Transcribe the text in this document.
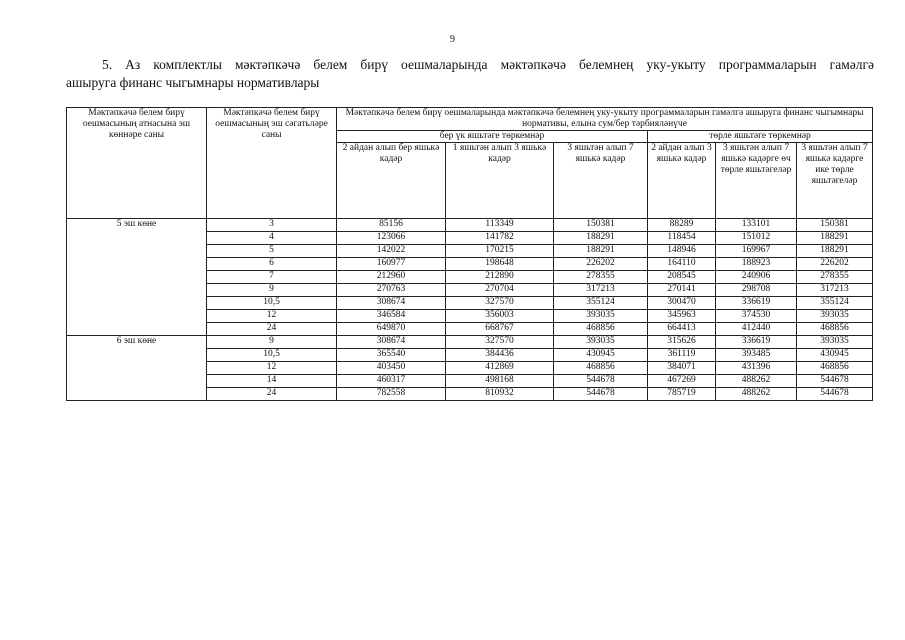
9
5. Аз комплектлы мәктәпкәчә белем бирү оешмаларында мәктәпкәчә белемнең уку-укыту программаларын гамәлгә
ашыруга финанс чыгымнары нормативлары
Мәктәпкәчә белем бирү оешмасының атнасына эш көннәре саны	Мәктәпкәчә белем бирү оешмасының эш сәгатьләре саны	Мәктәпкәчә белем бирү оешмаларында мәктәпкәчә белемнең уку-укыту программаларын гамәлгә ашыруга финанс чыгымнары нормативы, елына сум/бер тәрбияләнүче					
		бер үк яшьтәге төркемнәр			төрле яшьтәге төркемнәр		
		2 айдан алып бер яшькә кадәр	1 яшьтән алып 3 яшькә кадәр	3 яшьтән алып 7 яшькә кадәр	2 айдан алып 3 яшькә кадәр	3 яшьтән алып 7 яшькә кадәрге өч төрле яшьтәгеләр	3 яшьтән алып 7 яшькә кадәрге ике төрле яшьтәгеләр
5 эш көне	3	85156	113349	150381	88289	133101	150381
	4	123066	141782	188291	118454	151012	188291
	5	142022	170215	188291	148946	169967	188291
	6	160977	198648	226202	164110	188923	226202
	7	212960	212890	278355	208545	240906	278355
	9	270763	270704	317213	270141	298708	317213
	10,5	308674	327570	355124	300470	336619	355124
	12	346584	356003	393035	345963	374530	393035
	24	649870	668767	468856	664413	412440	468856
6 эш көне	9	308674	327570	393035	315626	336619	393035
	10,5	365540	384436	430945	361119	393485	430945
	12	403450	412869	468856	384071	431396	468856
	14	460317	498168	544678	467269	488262	544678
	24	782558	810932	544678	785719	488262	544678
